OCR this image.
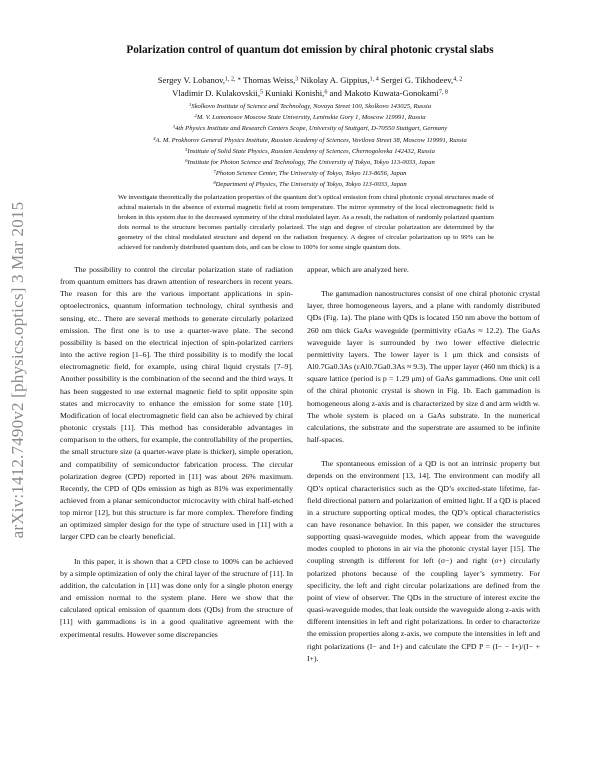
arXiv:1412.7490v2 [physics.optics] 3 Mar 2015
Polarization control of quantum dot emission by chiral photonic crystal slabs
Sergey V. Lobanov,$^{1, 2, ∗}$ Thomas Weiss,$^3$ Nikolay A. Gippius,$^{1, 4}$ Sergei G. Tikhodeev,$^{4, 2}$
Vladimir D. Kulakovskii,$^5$ Kuniaki Konishi,$^6$ and Makoto Kuwata-Gonokami$^{7, 8}$
$^1$Skolkovo Institute of Science and Technology, Novaya Street 100, Skolkovo 143025, Russia
$^2$M. V. Lomonosov Moscow State University, Leninskie Gory 1, Moscow 119991, Russia
$^3$4th Physics Institute and Research Centers Scope, University of Stuttgart, D-70550 Stuttgart, Germany
$^4$A. M. Prokhorov General Physics Institute, Russian Academy of Sciences, Vavilova Street 38, Moscow 119991, Russia
$^5$Institute of Solid State Physics, Russian Academy of Sciences, Chernogolovka 142432, Russia
$^6$Institute for Photon Science and Technology, The University of Tokyo, Tokyo 113-0033, Japan
$^7$Photon Science Center, The University of Tokyo, Tokyo 113-8656, Japan
$^8$Department of Physics, The University of Tokyo, Tokyo 113-0033, Japan
We investigate theoretically the polarization properties of the quantum dot’s optical emission from chiral photonic crystal structures made of achiral materials in the absence of external magnetic field at room temperature. The mirror symmetry of the local electromagnetic field is broken in this system due to the decreased symmetry of the chiral modulated layer. As a result, the radiation of randomly polarized quantum dots normal to the structure becomes partially circularly polarized. The sign and degree of circular polarization are determined by the geometry of the chiral modulated structure and depend on the radiation frequency. A degree of circular polarization up to 99% can be achieved for randomly distributed quantum dots, and can be close to 100% for some single quantum dots.

The possibility to control the circular polarization state of radiation from quantum emitters has drawn attention of researchers in recent years. The reason for this are the various important applications in spin-optoelectronics, quantum information technology, chiral synthesis and sensing, etc.. There are several methods to generate circularly polarized emission. The first one is to use a quarter-wave plate. The second possibility is based on the electrical injection of spin-polarized carriers into the active region [1–6]. The third possibility is to modify the local electromagnetic field, for example, using chiral liquid crystals [7–9]. Another possibility is the combination of the second and the third ways. It has been suggested to use external magnetic field to split opposite spin states and microcavity to enhance the emission for some state [10]. Modification of local electromagnetic field can also be achieved by chiral photonic crystals [11]. This method has considerable advantages in comparison to the others, for example, the controllability of the properties, the small structure size (a quarter-wave plate is thicker), simple operation, and compatibility of semiconductor fabrication process. The circular polarization degree (CPD) reported in [11] was about 26% maximum. Recently, the CPD of QDs emission as high as 81% was experimentally achieved from a planar semiconductor microcavity with chiral half-etched top mirror [12], but this structure is far more complex. Therefore finding an optimized simpler design for the type of structure used in [11] with a larger CPD can be clearly beneficial.

In this paper, it is shown that a CPD close to 100% can be achieved by a simple optimization of only the chiral layer of the structure of [11]. In addition, the calculation in [11] was done only for a single photon energy and emission normal to the system plane. Here we show that the calculated optical emission of quantum dots (QDs) from the structure of [11] with gammadions is in a good qualitative agreement with the experimental results. However some discrepancies

appear, which are analyzed here.

The gammadion nanostructures consist of one chiral photonic crystal layer, three homogeneous layers, and a plane with randomly distributed QDs (Fig. 1a). The plane with QDs is located 150 nm above the bottom of 260 nm thick GaAs waveguide (permittivity εGaAs ≈ 12.2). The GaAs waveguide layer is surrounded by two lower effective dielectric permittivity layers. The lower layer is 1 μm thick and consists of Al0.7Ga0.3As (εAl0.7Ga0.3As ≈ 9.3). The upper layer (460 nm thick) is a square lattice (period is p = 1.29 μm) of GaAs gammadions. One unit cell of the chiral photonic crystal is shown in Fig. 1b. Each gammadion is homogeneous along z-axis and is characterized by size d and arm width w. The whole system is placed on a GaAs substrate. In the numerical calculations, the substrate and the superstrate are assumed to be infinite half-spaces.

The spontaneous emission of a QD is not an intrinsic property but depends on the environment [13, 14]. The environment can modify all QD’s optical characteristics such as the QD’s excited-state lifetime, far-field directional pattern and polarization of emitted light. If a QD is placed in a structure supporting optical modes, the QD’s optical characteristics can have resonance behavior. In this paper, we consider the structures supporting quasi-waveguide modes, which appear from the waveguide modes coupled to photons in air via the photonic crystal layer [15]. The coupling strength is different for left (σ−) and right (σ+) circularly polarized photons because of the coupling layer’s symmetry. For specificity, the left and right circular polarizations are defined from the point of view of observer. The QDs in the structure of interest excite the quasi-waveguide modes, that leak outside the waveguide along z-axis with different intensities in left and right polarizations. In order to characterize the emission properties along z-axis, we compute the intensities in left and right polarizations (I− and I+) and calculate the CPD P = (I− − I+)/(I− + I+).
